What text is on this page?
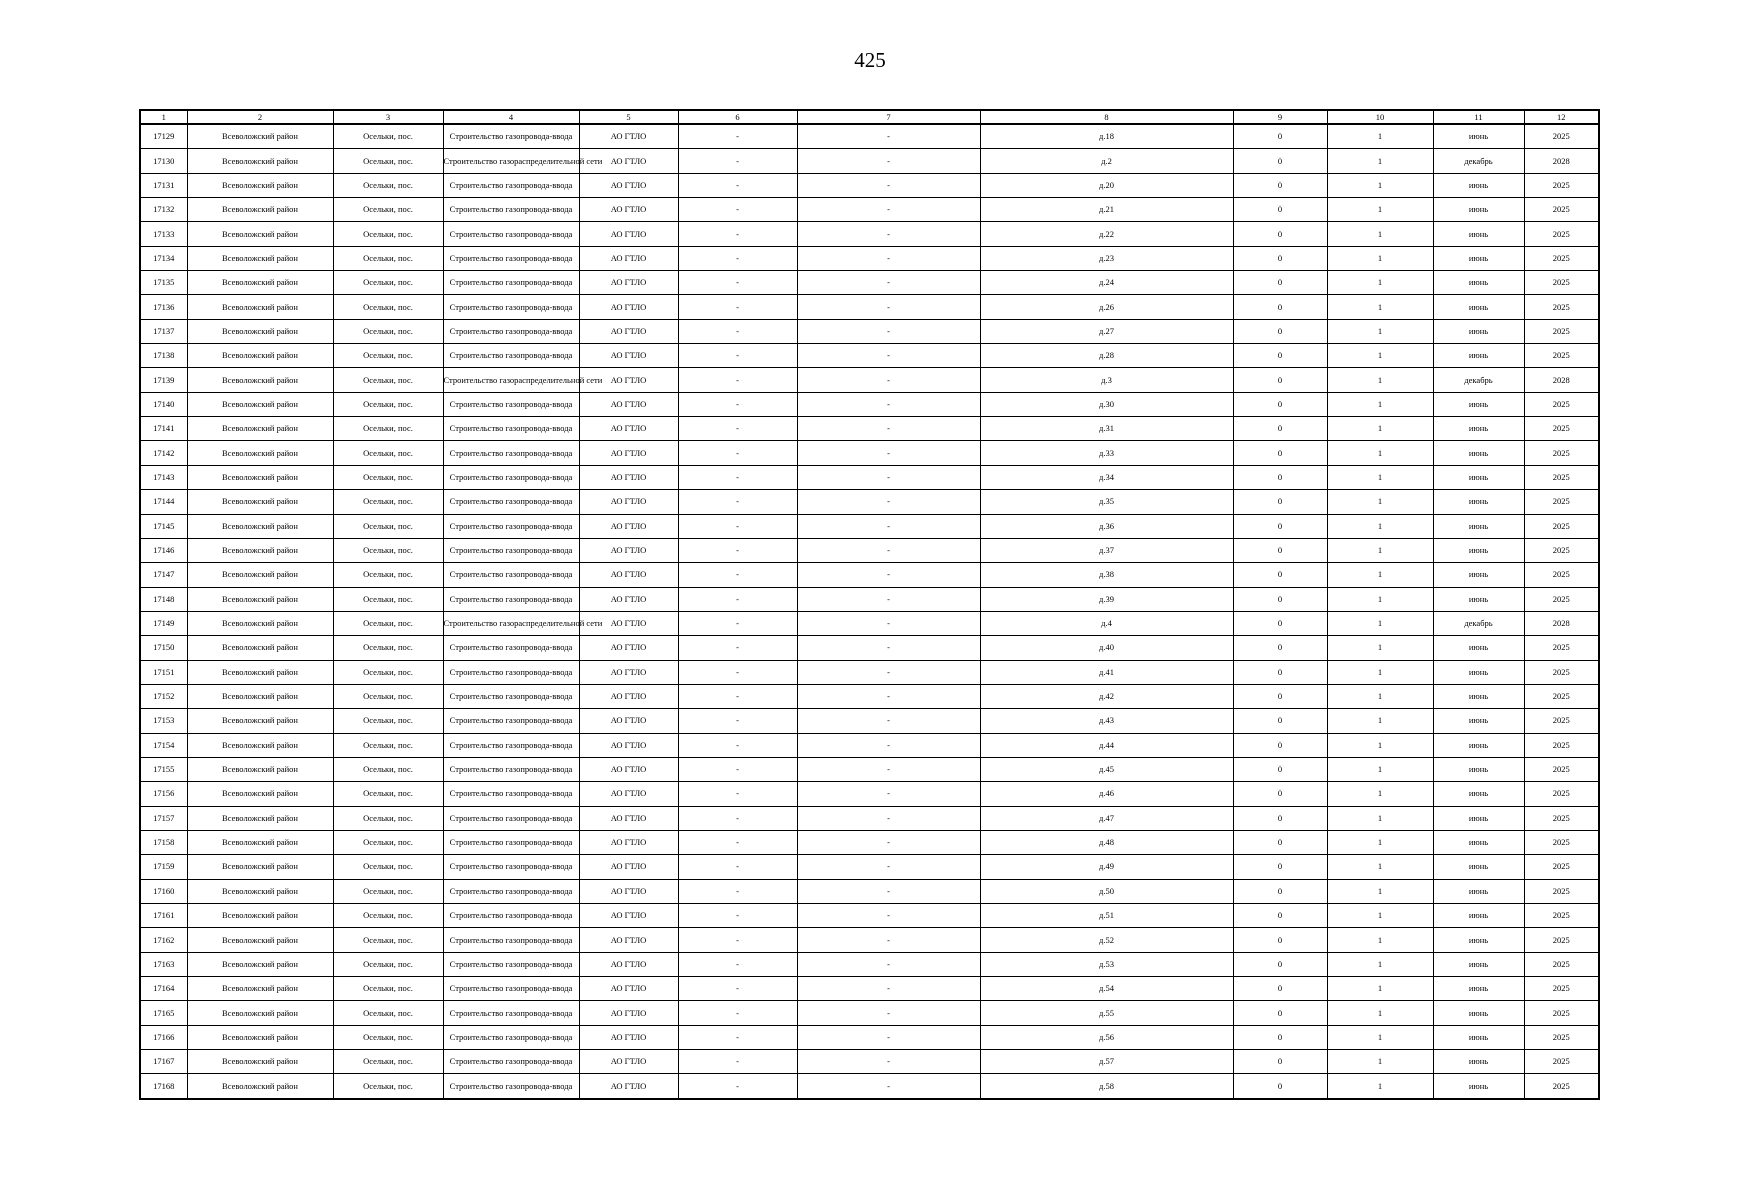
425
1	2	3	4	5	6	7	8	9	10	11	12
17129	Всеволожский район	Осельки, пос.	Строительство газопровода-ввода	АО ГТЛО	-	-	д.18	0	1	июнь	2025
17130	Всеволожский район	Осельки, пос.	Строительство газораспределительной сети	АО ГТЛО	-	-	д.2	0	1	декабрь	2028
17131	Всеволожский район	Осельки, пос.	Строительство газопровода-ввода	АО ГТЛО	-	-	д.20	0	1	июнь	2025
17132	Всеволожский район	Осельки, пос.	Строительство газопровода-ввода	АО ГТЛО	-	-	д.21	0	1	июнь	2025
17133	Всеволожский район	Осельки, пос.	Строительство газопровода-ввода	АО ГТЛО	-	-	д.22	0	1	июнь	2025
17134	Всеволожский район	Осельки, пос.	Строительство газопровода-ввода	АО ГТЛО	-	-	д.23	0	1	июнь	2025
17135	Всеволожский район	Осельки, пос.	Строительство газопровода-ввода	АО ГТЛО	-	-	д.24	0	1	июнь	2025
17136	Всеволожский район	Осельки, пос.	Строительство газопровода-ввода	АО ГТЛО	-	-	д.26	0	1	июнь	2025
17137	Всеволожский район	Осельки, пос.	Строительство газопровода-ввода	АО ГТЛО	-	-	д.27	0	1	июнь	2025
17138	Всеволожский район	Осельки, пос.	Строительство газопровода-ввода	АО ГТЛО	-	-	д.28	0	1	июнь	2025
17139	Всеволожский район	Осельки, пос.	Строительство газораспределительной сети	АО ГТЛО	-	-	д.3	0	1	декабрь	2028
17140	Всеволожский район	Осельки, пос.	Строительство газопровода-ввода	АО ГТЛО	-	-	д.30	0	1	июнь	2025
17141	Всеволожский район	Осельки, пос.	Строительство газопровода-ввода	АО ГТЛО	-	-	д.31	0	1	июнь	2025
17142	Всеволожский район	Осельки, пос.	Строительство газопровода-ввода	АО ГТЛО	-	-	д.33	0	1	июнь	2025
17143	Всеволожский район	Осельки, пос.	Строительство газопровода-ввода	АО ГТЛО	-	-	д.34	0	1	июнь	2025
17144	Всеволожский район	Осельки, пос.	Строительство газопровода-ввода	АО ГТЛО	-	-	д.35	0	1	июнь	2025
17145	Всеволожский район	Осельки, пос.	Строительство газопровода-ввода	АО ГТЛО	-	-	д.36	0	1	июнь	2025
17146	Всеволожский район	Осельки, пос.	Строительство газопровода-ввода	АО ГТЛО	-	-	д.37	0	1	июнь	2025
17147	Всеволожский район	Осельки, пос.	Строительство газопровода-ввода	АО ГТЛО	-	-	д.38	0	1	июнь	2025
17148	Всеволожский район	Осельки, пос.	Строительство газопровода-ввода	АО ГТЛО	-	-	д.39	0	1	июнь	2025
17149	Всеволожский район	Осельки, пос.	Строительство газораспределительной сети	АО ГТЛО	-	-	д.4	0	1	декабрь	2028
17150	Всеволожский район	Осельки, пос.	Строительство газопровода-ввода	АО ГТЛО	-	-	д.40	0	1	июнь	2025
17151	Всеволожский район	Осельки, пос.	Строительство газопровода-ввода	АО ГТЛО	-	-	д.41	0	1	июнь	2025
17152	Всеволожский район	Осельки, пос.	Строительство газопровода-ввода	АО ГТЛО	-	-	д.42	0	1	июнь	2025
17153	Всеволожский район	Осельки, пос.	Строительство газопровода-ввода	АО ГТЛО	-	-	д.43	0	1	июнь	2025
17154	Всеволожский район	Осельки, пос.	Строительство газопровода-ввода	АО ГТЛО	-	-	д.44	0	1	июнь	2025
17155	Всеволожский район	Осельки, пос.	Строительство газопровода-ввода	АО ГТЛО	-	-	д.45	0	1	июнь	2025
17156	Всеволожский район	Осельки, пос.	Строительство газопровода-ввода	АО ГТЛО	-	-	д.46	0	1	июнь	2025
17157	Всеволожский район	Осельки, пос.	Строительство газопровода-ввода	АО ГТЛО	-	-	д.47	0	1	июнь	2025
17158	Всеволожский район	Осельки, пос.	Строительство газопровода-ввода	АО ГТЛО	-	-	д.48	0	1	июнь	2025
17159	Всеволожский район	Осельки, пос.	Строительство газопровода-ввода	АО ГТЛО	-	-	д.49	0	1	июнь	2025
17160	Всеволожский район	Осельки, пос.	Строительство газопровода-ввода	АО ГТЛО	-	-	д.50	0	1	июнь	2025
17161	Всеволожский район	Осельки, пос.	Строительство газопровода-ввода	АО ГТЛО	-	-	д.51	0	1	июнь	2025
17162	Всеволожский район	Осельки, пос.	Строительство газопровода-ввода	АО ГТЛО	-	-	д.52	0	1	июнь	2025
17163	Всеволожский район	Осельки, пос.	Строительство газопровода-ввода	АО ГТЛО	-	-	д.53	0	1	июнь	2025
17164	Всеволожский район	Осельки, пос.	Строительство газопровода-ввода	АО ГТЛО	-	-	д.54	0	1	июнь	2025
17165	Всеволожский район	Осельки, пос.	Строительство газопровода-ввода	АО ГТЛО	-	-	д.55	0	1	июнь	2025
17166	Всеволожский район	Осельки, пос.	Строительство газопровода-ввода	АО ГТЛО	-	-	д.56	0	1	июнь	2025
17167	Всеволожский район	Осельки, пос.	Строительство газопровода-ввода	АО ГТЛО	-	-	д.57	0	1	июнь	2025
17168	Всеволожский район	Осельки, пос.	Строительство газопровода-ввода	АО ГТЛО	-	-	д.58	0	1	июнь	2025
